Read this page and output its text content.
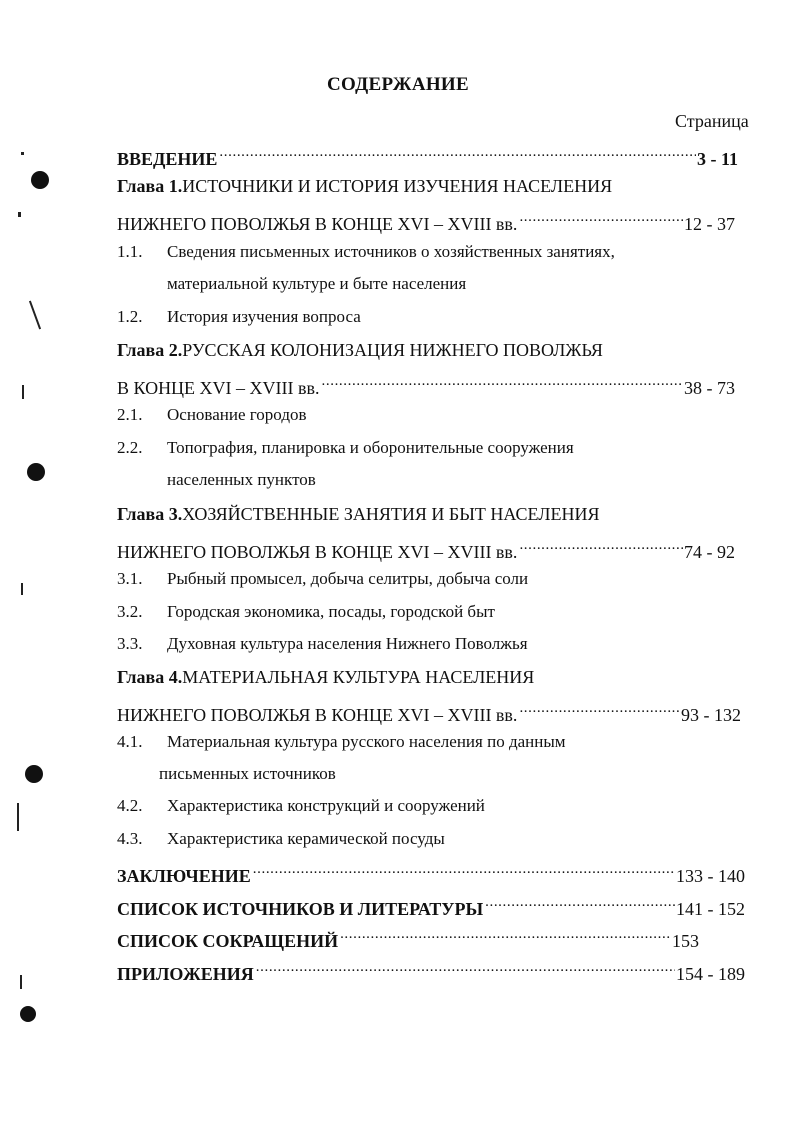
СОДЕРЖАНИЕ
Страница
ВВЕДЕНИЕ .....	3 - 11
Глава 1. ИСТОЧНИКИ И ИСТОРИЯ ИЗУЧЕНИЯ НАСЕЛЕНИЯ
НИЖНЕГО ПОВОЛЖЬЯ В КОНЦЕ XVI – XVIII вв. .....	12 - 37
1.1. Сведения письменных источников о хозяйственных занятиях,
материальной культуре и быте населения
1.2. История изучения вопроса
Глава 2. РУССКАЯ КОЛОНИЗАЦИЯ НИЖНЕГО ПОВОЛЖЬЯ
В КОНЦЕ XVI – XVIII вв. .....	38 - 73
2.1. Основание городов
2.2. Топография, планировка и оборонительные сооружения
населенных пунктов
Глава 3. ХОЗЯЙСТВЕННЫЕ ЗАНЯТИЯ И БЫТ НАСЕЛЕНИЯ
НИЖНЕГО ПОВОЛЖЬЯ В КОНЦЕ XVI – XVIII вв. .....	74 - 92
3.1. Рыбный промысел, добыча селитры, добыча соли
3.2. Городская экономика, посады, городской быт
3.3. Духовная культура населения Нижнего Поволжья
Глава 4. МАТЕРИАЛЬНАЯ КУЛЬТУРА НАСЕЛЕНИЯ
НИЖНЕГО ПОВОЛЖЬЯ В КОНЦЕ XVI – XVIII вв. .....	93 - 132
4.1. Материальная культура русского населения по данным
письменных источников
4.2. Характеристика конструкций и сооружений
4.3. Характеристика керамической посуды
ЗАКЛЮЧЕНИЕ .....	133 - 140
СПИСОК ИСТОЧНИКОВ И ЛИТЕРАТУРЫ .....	141 - 152
СПИСОК СОКРАЩЕНИЙ .....	153
ПРИЛОЖЕНИЯ .....	154 - 189
